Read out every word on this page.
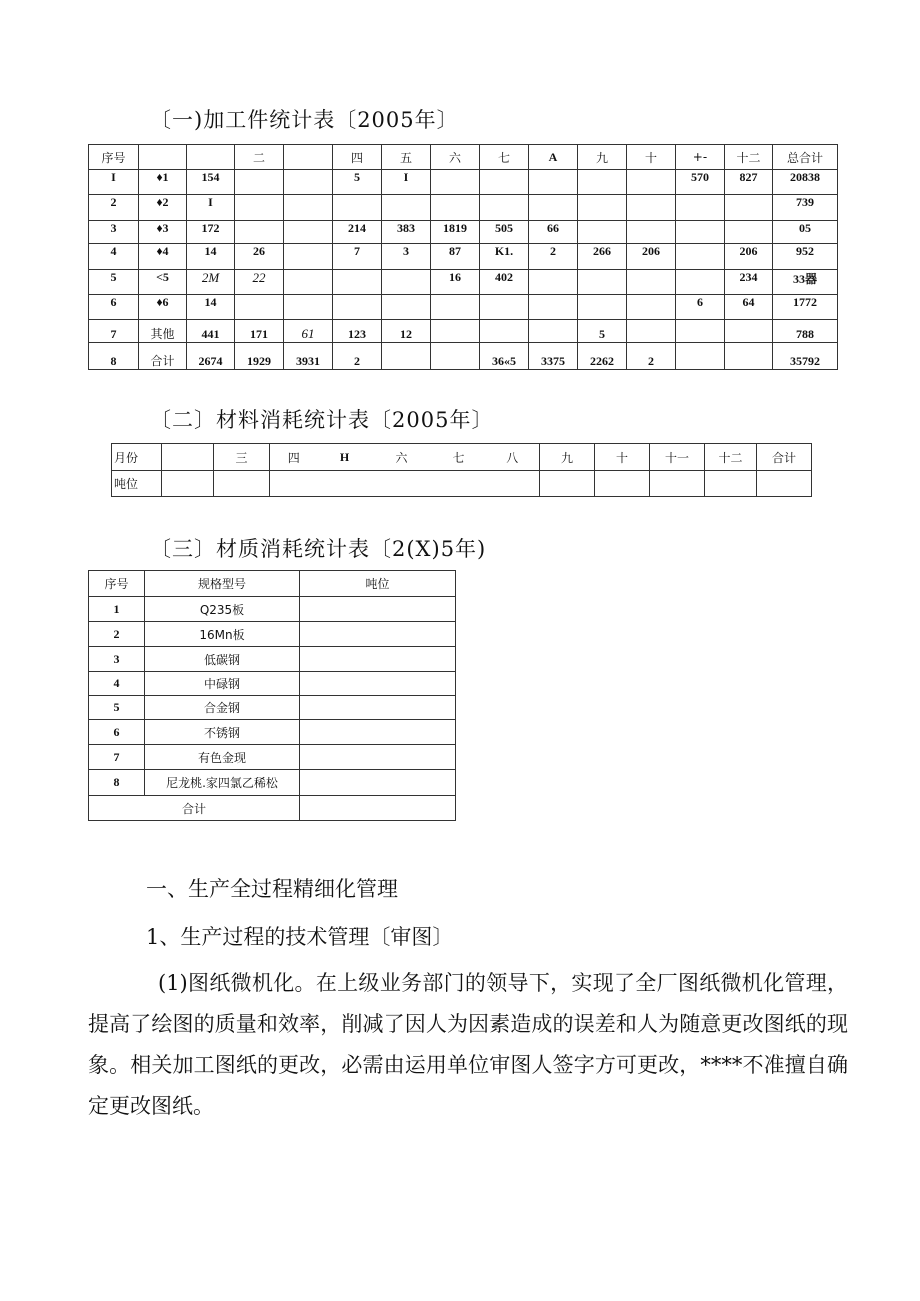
〔一)加工件统计表〔2005年〕
序号			二		四	五	六	七	A	九	十	+-	十二	总合计
I	♦1	154			5	I						570	827	20838
2	♦2	I												739
3	♦3	172			214	383	1819	505	66					05
4	♦4	14	26		7	3	87	K1.	2	266	206		206	952
5	<5	2M	22				16	402					234	33器
6	♦6	14										6	64	1772
7	其他	441	171	61	123	12				5				788
8	合计	2674	1929	3931	2			36«5	3375	2262	2			35792
〔二〕材料消耗统计表〔2005年〕
月份		三	四	H	六	七	八	九	十	十一	十二	合计
吨位												
〔三〕材质消耗统计表〔2(X)5年)
序号	规格型号	吨位
1	Q235板	
2	16Mn板	
3	低碳钢	
4	中碌钢	
5	合金钢	
6	不锈钢	
7	有色金现	
8	尼龙桃.家四氯乙稀松	
合计		
一、生产全过程精细化管理
1、生产过程的技术管理〔审图〕
(1)图纸微机化。在上级业务部门的领导下，实现了全厂图纸微机化管理，提高了绘图的质量和效率，削减了因人为因素造成的误差和人为随意更改图纸的现象。相关加工图纸的更改，必需由运用单位审图人签字方可更改，****不准擅自确定更改图纸。
